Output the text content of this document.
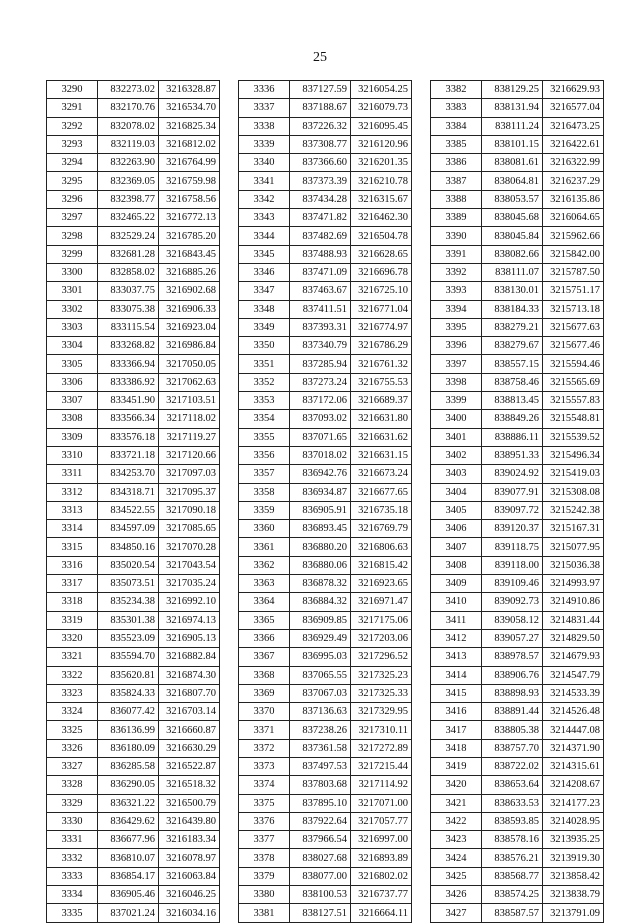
25
3290	832273.02	3216328.87
3291	832170.76	3216534.70
3292	832078.02	3216825.34
3293	832119.03	3216812.02
3294	832263.90	3216764.99
3295	832369.05	3216759.98
3296	832398.77	3216758.56
3297	832465.22	3216772.13
3298	832529.24	3216785.20
3299	832681.28	3216843.45
3300	832858.02	3216885.26
3301	833037.75	3216902.68
3302	833075.38	3216906.33
3303	833115.54	3216923.04
3304	833268.82	3216986.84
3305	833366.94	3217050.05
3306	833386.92	3217062.63
3307	833451.90	3217103.51
3308	833566.34	3217118.02
3309	833576.18	3217119.27
3310	833721.18	3217120.66
3311	834253.70	3217097.03
3312	834318.71	3217095.37
3313	834522.55	3217090.18
3314	834597.09	3217085.65
3315	834850.16	3217070.28
3316	835020.54	3217043.54
3317	835073.51	3217035.24
3318	835234.38	3216992.10
3319	835301.38	3216974.13
3320	835523.09	3216905.13
3321	835594.70	3216882.84
3322	835620.81	3216874.30
3323	835824.33	3216807.70
3324	836077.42	3216703.14
3325	836136.99	3216660.87
3326	836180.09	3216630.29
3327	836285.58	3216522.87
3328	836290.05	3216518.32
3329	836321.22	3216500.79
3330	836429.62	3216439.80
3331	836677.96	3216183.34
3332	836810.07	3216078.97
3333	836854.17	3216063.84
3334	836905.46	3216046.25
3335	837021.24	3216034.16
3336	837127.59	3216054.25
3337	837188.67	3216079.73
3338	837226.32	3216095.45
3339	837308.77	3216120.96
3340	837366.60	3216201.35
3341	837373.39	3216210.78
3342	837434.28	3216315.67
3343	837471.82	3216462.30
3344	837482.69	3216504.78
3345	837488.93	3216628.65
3346	837471.09	3216696.78
3347	837463.67	3216725.10
3348	837411.51	3216771.04
3349	837393.31	3216774.97
3350	837340.79	3216786.29
3351	837285.94	3216761.32
3352	837273.24	3216755.53
3353	837172.06	3216689.37
3354	837093.02	3216631.80
3355	837071.65	3216631.62
3356	837018.02	3216631.15
3357	836942.76	3216673.24
3358	836934.87	3216677.65
3359	836905.91	3216735.18
3360	836893.45	3216769.79
3361	836880.20	3216806.63
3362	836880.06	3216815.42
3363	836878.32	3216923.65
3364	836884.32	3216971.47
3365	836909.85	3217175.06
3366	836929.49	3217203.06
3367	836995.03	3217296.52
3368	837065.55	3217325.23
3369	837067.03	3217325.33
3370	837136.63	3217329.95
3371	837238.26	3217310.11
3372	837361.58	3217272.89
3373	837497.53	3217215.44
3374	837803.68	3217114.92
3375	837895.10	3217071.00
3376	837922.64	3217057.77
3377	837966.54	3216997.00
3378	838027.68	3216893.89
3379	838077.00	3216802.02
3380	838100.53	3216737.77
3381	838127.51	3216664.11
3382	838129.25	3216629.93
3383	838131.94	3216577.04
3384	838111.24	3216473.25
3385	838101.15	3216422.61
3386	838081.61	3216322.99
3387	838064.81	3216237.29
3388	838053.57	3216135.86
3389	838045.68	3216064.65
3390	838045.84	3215962.66
3391	838082.66	3215842.00
3392	838111.07	3215787.50
3393	838130.01	3215751.17
3394	838184.33	3215713.18
3395	838279.21	3215677.63
3396	838279.67	3215677.46
3397	838557.15	3215594.46
3398	838758.46	3215565.69
3399	838813.45	3215557.83
3400	838849.26	3215548.81
3401	838886.11	3215539.52
3402	838951.33	3215496.34
3403	839024.92	3215419.03
3404	839077.91	3215308.08
3405	839097.72	3215242.38
3406	839120.37	3215167.31
3407	839118.75	3215077.95
3408	839118.00	3215036.38
3409	839109.46	3214993.97
3410	839092.73	3214910.86
3411	839058.12	3214831.44
3412	839057.27	3214829.50
3413	838978.57	3214679.93
3414	838906.76	3214547.79
3415	838898.93	3214533.39
3416	838891.44	3214526.48
3417	838805.38	3214447.08
3418	838757.70	3214371.90
3419	838722.02	3214315.61
3420	838653.64	3214208.67
3421	838633.53	3214177.23
3422	838593.85	3214028.95
3423	838578.16	3213935.25
3424	838576.21	3213919.30
3425	838568.77	3213858.42
3426	838574.25	3213838.79
3427	838587.57	3213791.09
